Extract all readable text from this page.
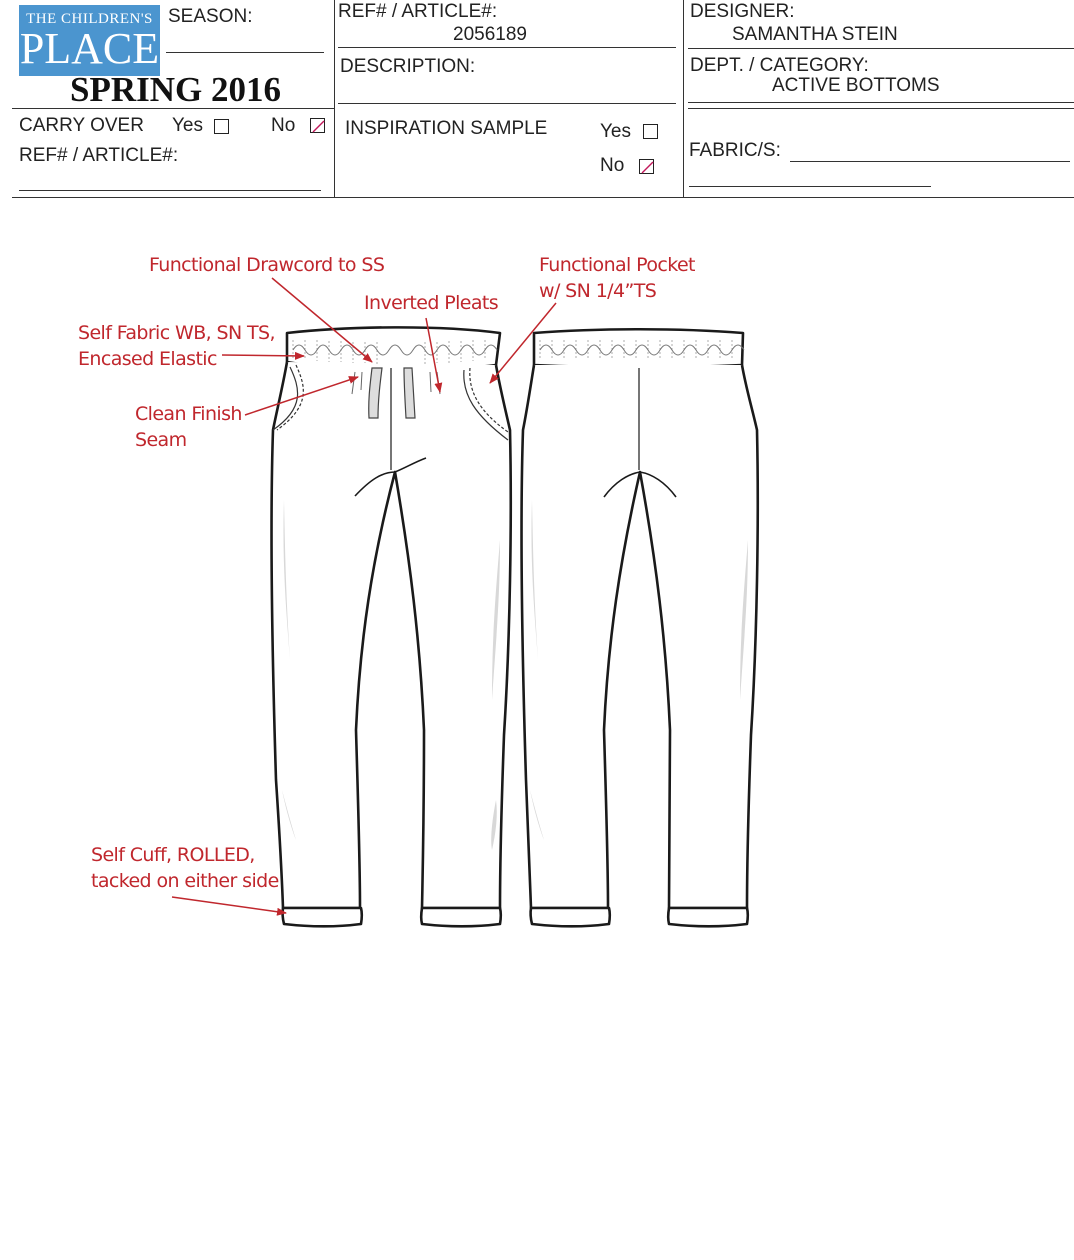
THE CHILDREN'S
PLACE
SEASON:
SPRING 2016
REF# / ARTICLE#:
2056189
DESCRIPTION:
DESIGNER:
SAMANTHA STEIN
DEPT. / CATEGORY:
ACTIVE BOTTOMS
CARRY OVER Yes	No
REF# / ARTICLE#:
INSPIRATION SAMPLE	Yes
No
FABRIC/S:
Functional Drawcord to SS	Functional Pocket
w/ SN 1/4”TS
Inverted Pleats
Self Fabric WB, SN TS,
Encased Elastic
Clean Finish
Seam
Self Cuff, ROLLED,
tacked on either side
